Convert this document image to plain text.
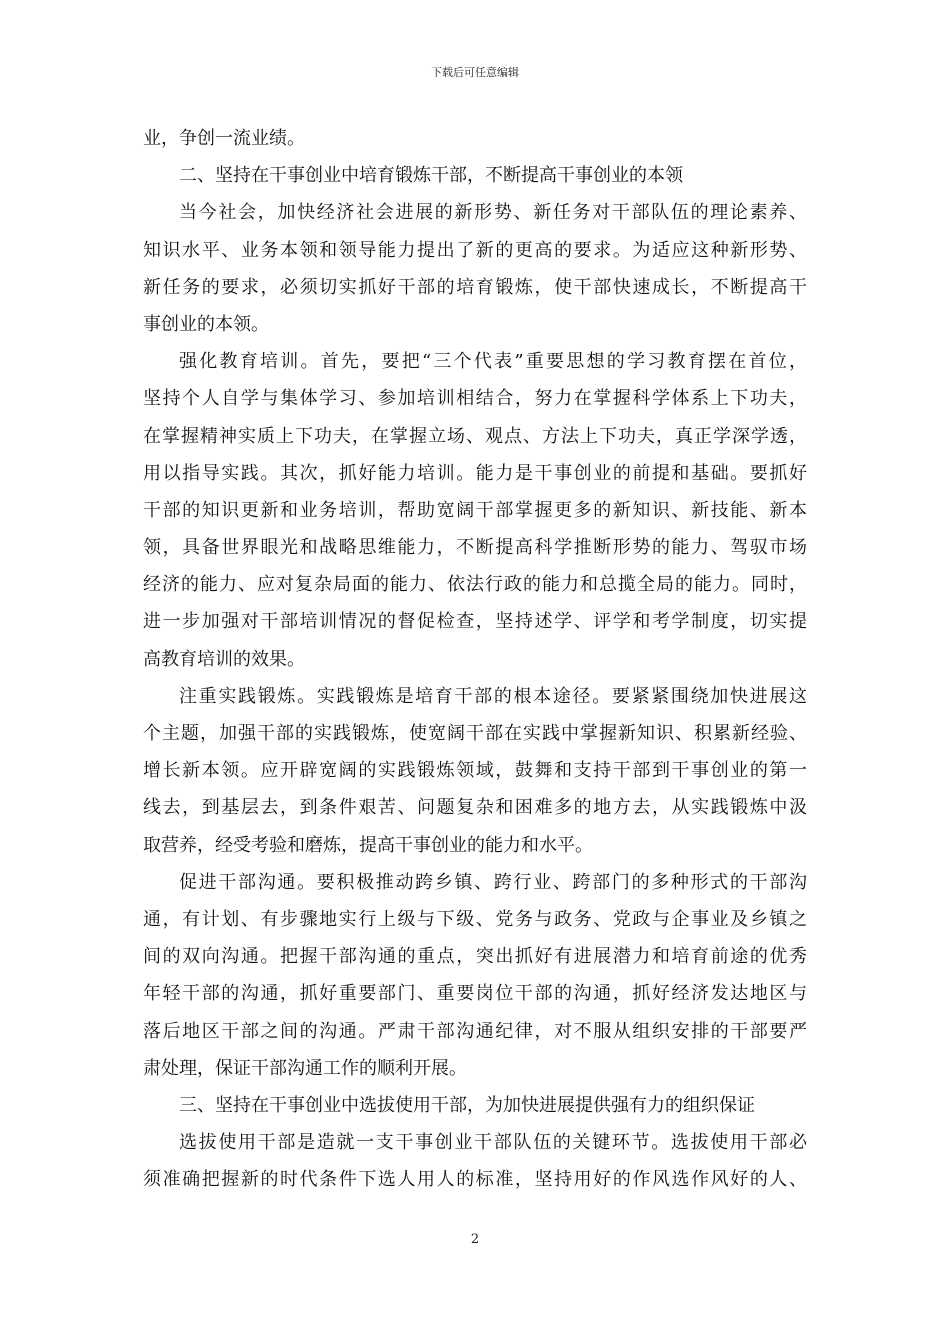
下载后可任意编辑
业，争创一流业绩。
二、坚持在干事创业中培育锻炼干部，不断提高干事创业的本领
当今社会，加快经济社会进展的新形势、新任务对干部队伍的理论素养、
知识水平、业务本领和领导能力提出了新的更高的要求。为适应这种新形势、
新任务的要求，必须切实抓好干部的培育锻炼，使干部快速成长，不断提高干
事创业的本领。
强化教育培训。首先，要把“三个代表”重要思想的学习教育摆在首位，
坚持个人自学与集体学习、参加培训相结合，努力在掌握科学体系上下功夫，
在掌握精神实质上下功夫，在掌握立场、观点、方法上下功夫，真正学深学透，
用以指导实践。其次，抓好能力培训。能力是干事创业的前提和基础。要抓好
干部的知识更新和业务培训，帮助宽阔干部掌握更多的新知识、新技能、新本
领，具备世界眼光和战略思维能力，不断提高科学推断形势的能力、驾驭市场
经济的能力、应对复杂局面的能力、依法行政的能力和总揽全局的能力。同时，
进一步加强对干部培训情况的督促检查，坚持述学、评学和考学制度，切实提
高教育培训的效果。
注重实践锻炼。实践锻炼是培育干部的根本途径。要紧紧围绕加快进展这
个主题，加强干部的实践锻炼，使宽阔干部在实践中掌握新知识、积累新经验、
增长新本领。应开辟宽阔的实践锻炼领域，鼓舞和支持干部到干事创业的第一
线去，到基层去，到条件艰苦、问题复杂和困难多的地方去，从实践锻炼中汲
取营养，经受考验和磨炼，提高干事创业的能力和水平。
促进干部沟通。要积极推动跨乡镇、跨行业、跨部门的多种形式的干部沟
通，有计划、有步骤地实行上级与下级、党务与政务、党政与企事业及乡镇之
间的双向沟通。把握干部沟通的重点，突出抓好有进展潜力和培育前途的优秀
年轻干部的沟通，抓好重要部门、重要岗位干部的沟通，抓好经济发达地区与
落后地区干部之间的沟通。严肃干部沟通纪律，对不服从组织安排的干部要严
肃处理，保证干部沟通工作的顺利开展。
三、坚持在干事创业中选拔使用干部，为加快进展提供强有力的组织保证
选拔使用干部是造就一支干事创业干部队伍的关键环节。选拔使用干部必
须准确把握新的时代条件下选人用人的标准，坚持用好的作风选作风好的人、
2
